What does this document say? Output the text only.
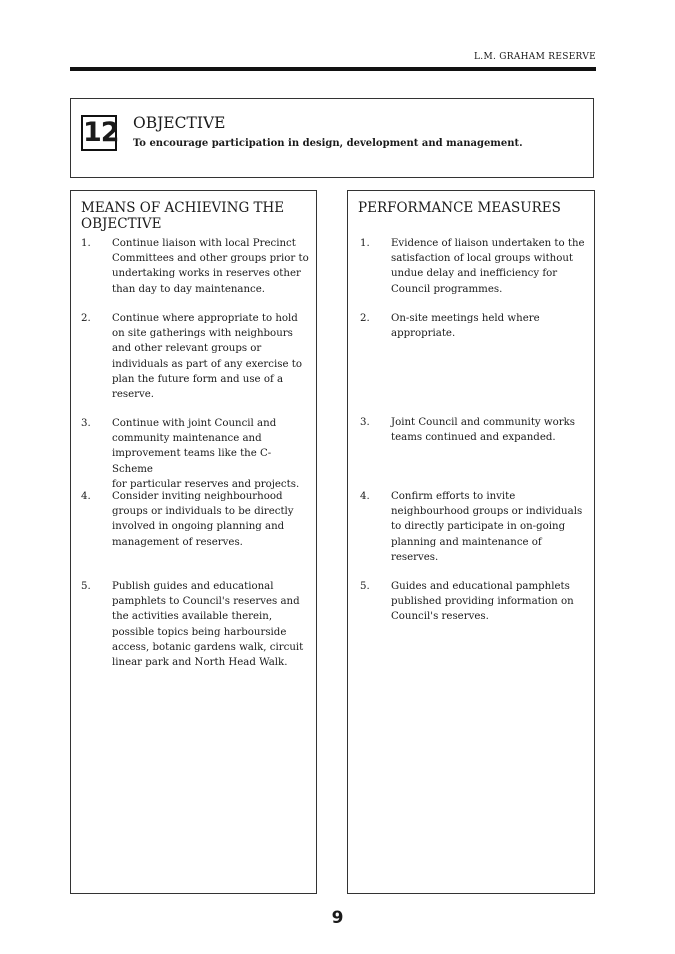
L.M. GRAHAM RESERVE
12 OBJECTIVE
To encourage participation in design, development and management.
MEANS OF ACHIEVING THE OBJECTIVE
1. Continue liaison with local Precinct
Committees and other groups prior to
undertaking works in reserves other
than day to day maintenance.
2. Continue where appropriate to hold
on site gatherings with neighbours
and other relevant groups or
individuals as part of any exercise to
plan the future form and use of a
reserve.
3. Continue with joint Council and
community maintenance and
improvement teams like the C-Scheme
for particular reserves and projects.
4. Consider inviting neighbourhood
groups or individuals to be directly
involved in ongoing planning and
management of reserves.
5. Publish guides and educational
pamphlets to Council's reserves and
the activities available therein,
possible topics being harbourside
access, botanic gardens walk, circuit
linear park and North Head Walk.
PERFORMANCE MEASURES
1. Evidence of liaison undertaken to the
satisfaction of local groups without
undue delay and inefficiency for
Council programmes.
2. On-site meetings held where
appropriate.
3. Joint Council and community works
teams continued and expanded.
4. Confirm efforts to invite
neighbourhood groups or individuals
to directly participate in on-going
planning and maintenance of
reserves.
5. Guides and educational pamphlets
published providing information on
Council's reserves.
9
